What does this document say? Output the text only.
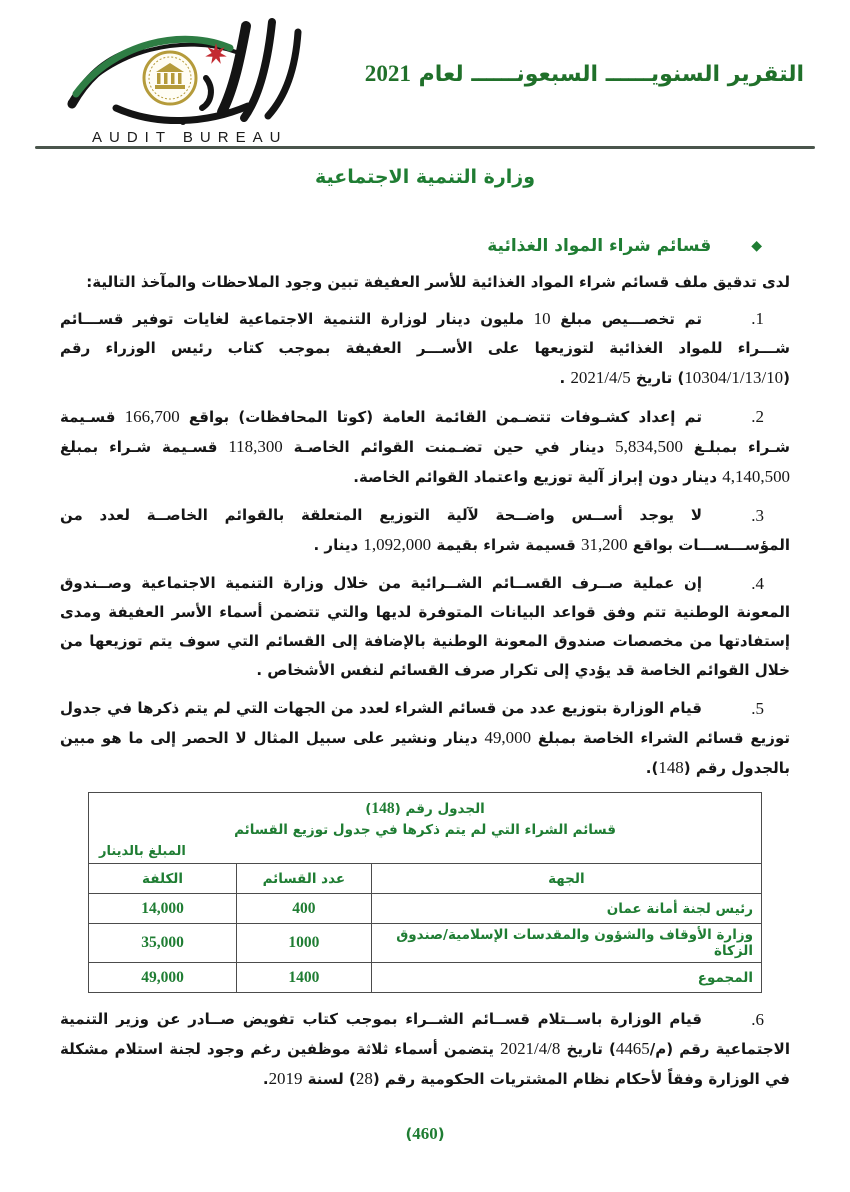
AUDIT BUREAU
التقرير السنويــــــ السبعونــــــ لعام 2021
وزارة التنمية الاجتماعية
◆
قسائم شراء المواد الغذائية
لدى تدقيق ملف قسائم شراء المواد الغذائية للأسر العفيفة تبين وجود الملاحظات والمآخذ التالية:
1.
تم تخصـــيص مبلغ 10 مليون دينار لوزارة التنمية الاجتماعية لغايات توفير قســـائم شـــراء للمواد الغذائية لتوزيعها على الأســـر العفيفة بموجب كتاب رئيس الوزراء رقم (10304/1/13/10) تاريخ 2021/4/5 .
2.
تم إعداد كشـوفات تتضـمن القائمة العامة (كوتا المحافظات) بواقع 166,700 قسـيمة شـراء بمبلـغ 5,834,500 دينار في حين تضـمنت القوائم الخاصـة 118,300 قسـيمة شـراء بمبلغ 4,140,500 دينار دون إبراز آلية توزيع واعتماد القوائم الخاصة.
3.
لا يوجد أســس واضــحة لآلية التوزيع المتعلقة بالقوائم الخاصــة لعدد من المؤســـســـات بواقع 31,200 قسيمة شراء بقيمة 1,092,000 دينار .
4.
إن عملية صــرف القســائم الشــرائية من خلال وزارة التنمية الاجتماعية وصــندوق المعونة الوطنية تتم وفق قواعد البيانات المتوفرة لديها والتي تتضمن أسماء الأسر العفيفة ومدى إستفادتها من مخصصات صندوق المعونة الوطنية بالإضافة إلى القسائم التي سوف يتم توزيعها من خلال القوائم الخاصة قد يؤدي إلى تكرار صرف القسائم لنفس الأشخاص .
5.
قيام الوزارة بتوزيع عدد من قسائم الشراء لعدد من الجهات التي لم يتم ذكرها في جدول توزيع قسائم الشراء الخاصة بمبلغ 49,000 دينار ونشير على سبيل المثال لا الحصر إلى ما هو مبين بالجدول رقم (148).
الجدول رقم (148)
قسائم الشراء التي لم يتم ذكرها في جدول توزيع القسائم
المبلغ بالدينار
الجهة	عدد القسائم	الكلفة
رئيس لجنة أمانة عمان	400	14,000
وزارة الأوقاف والشؤون والمقدسات الإسلامية/صندوق الزكاة	1000	35,000
المجموع	1400	49,000
6.
قيام الوزارة باســتلام قســائم الشــراء بموجب كتاب تفويض صــادر عن وزير التنمية الاجتماعية رقم (م/4465) تاريخ 2021/4/8 يتضمن أسماء ثلاثة موظفين رغم وجود لجنة استلام مشكلة في الوزارة وفقاً لأحكام نظام المشتريات الحكومية رقم (28) لسنة 2019.
(460)
